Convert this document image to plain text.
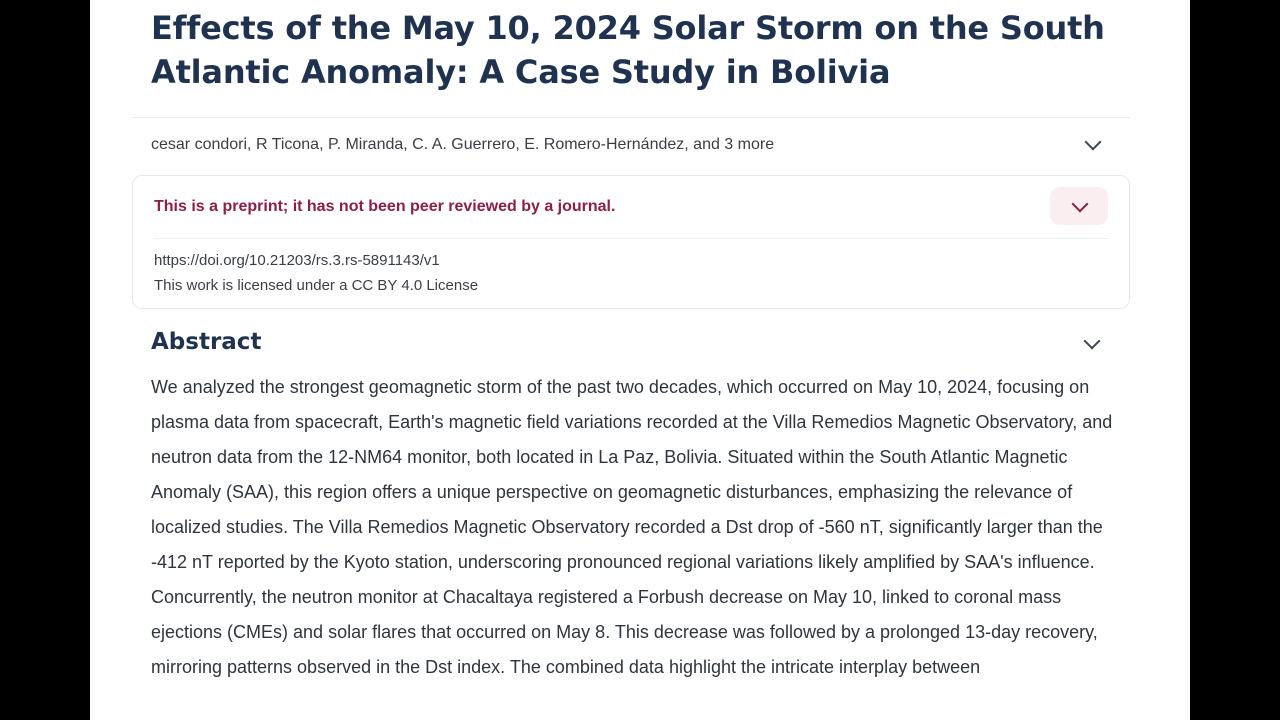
Effects of the May 10, 2024 Solar Storm on the South Atlantic Anomaly: A Case Study in Bolivia
cesar condori, R Ticona, P. Miranda, C. A. Guerrero, E. Romero-Hernández, and 3 more
This is a preprint; it has not been peer reviewed by a journal.
https://doi.org/10.21203/rs.3.rs-5891143/v1
This work is licensed under a CC BY 4.0 License
Abstract

We analyzed the strongest geomagnetic storm of the past two decades, which occurred on May 10, 2024, focusing on plasma data from spacecraft, Earth's magnetic field variations recorded at the Villa Remedios Magnetic Observatory, and neutron data from the 12-NM64 monitor, both located in La Paz, Bolivia. Situated within the South Atlantic Magnetic Anomaly (SAA), this region offers a unique perspective on geomagnetic disturbances, emphasizing the relevance of localized studies. The Villa Remedios Magnetic Observatory recorded a Dst drop of -560 nT, significantly larger than the -412 nT reported by the Kyoto station, underscoring pronounced regional variations likely amplified by SAA's influence. Concurrently, the neutron monitor at Chacaltaya registered a Forbush decrease on May 10, linked to coronal mass ejections (CMEs) and solar flares that occurred on May 8. This decrease was followed by a prolonged 13-day recovery, mirroring patterns observed in the Dst index. The combined data highlight the intricate interplay between
